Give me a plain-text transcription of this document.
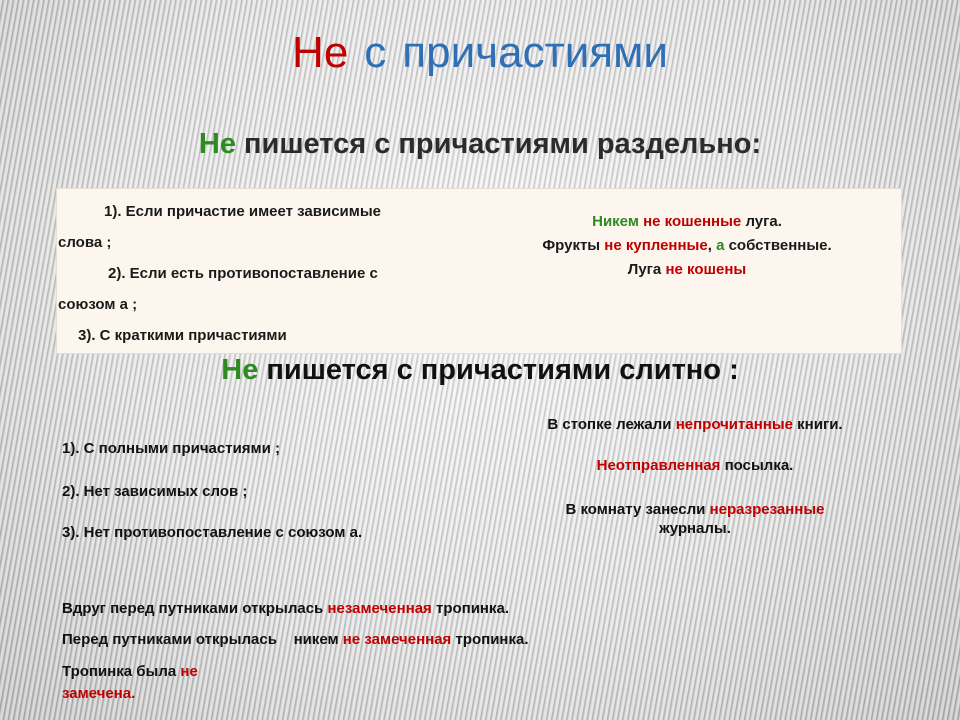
Не с причастиями
Не пишется с причастиями раздельно:
1). Если причастие имеет зависимые
слова ;
2). Если есть противопоставление с
союзом а ;
3). С краткими причастиями
Никем не кошенные луга.
Фрукты не купленные, а собственные.
Луга не кошены
Не пишется с причастиями слитно :
1). С полными причастиями ;
2). Нет зависимых слов ;
3). Нет противопоставление с союзом а.
В стопке лежали непрочитанные книги.
Неотправленная посылка.
В комнату занесли неразрезанные
журналы.
Вдруг перед путниками открылась незамеченная тропинка.
Перед путниками открылась    никем не замеченная тропинка.
Тропинка была не
замечена.
